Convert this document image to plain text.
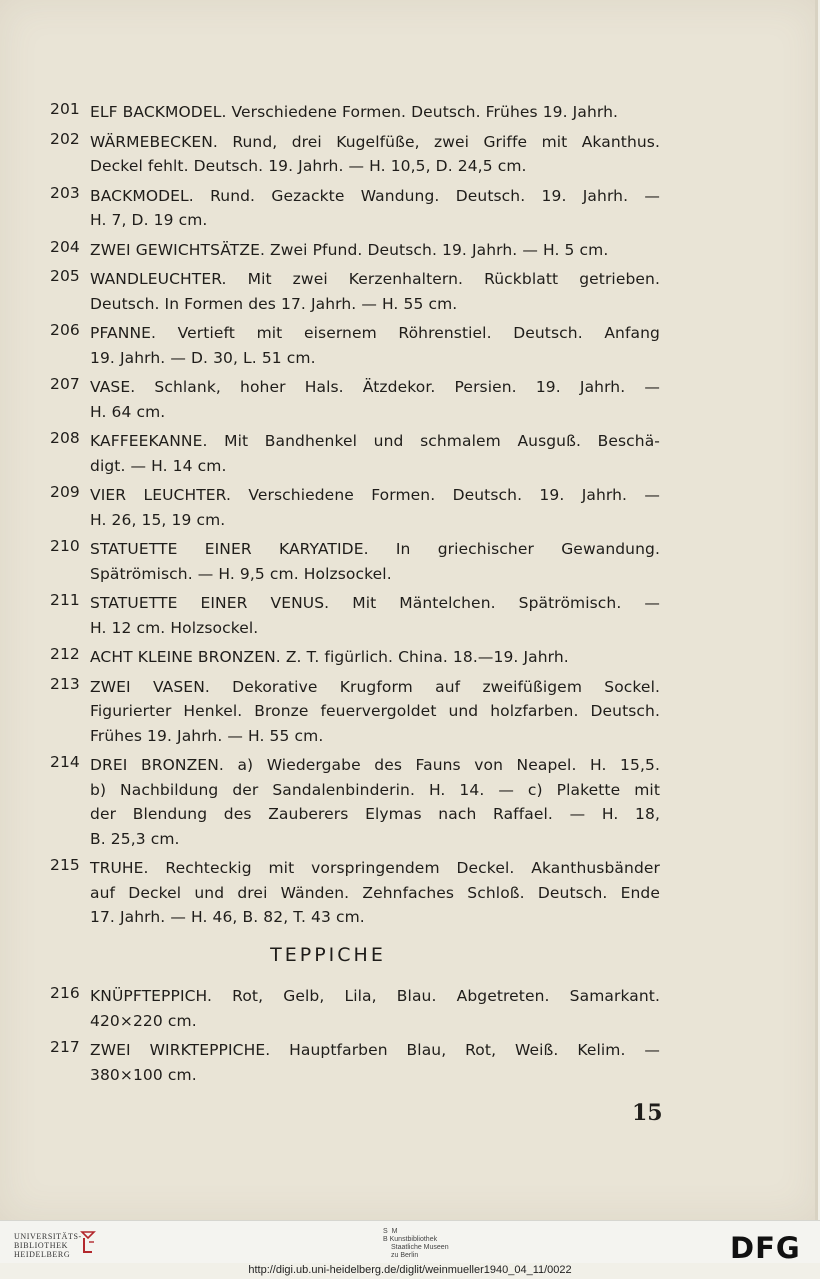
201 ELF BACKMODEL. Verschiedene Formen. Deutsch. Frühes 19. Jahrh.
202 WÄRMEBECKEN. Rund, drei Kugelfüße, zwei Griffe mit Akanthus.
Deckel fehlt. Deutsch. 19. Jahrh. — H. 10,5, D. 24,5 cm.
203 BACKMODEL. Rund. Gezackte Wandung. Deutsch. 19. Jahrh. —
H. 7, D. 19 cm.
204 ZWEI GEWICHTSÄTZE. Zwei Pfund. Deutsch. 19. Jahrh. — H. 5 cm.
205 WANDLEUCHTER. Mit zwei Kerzenhaltern. Rückblatt getrieben.
Deutsch. In Formen des 17. Jahrh. — H. 55 cm.
206 PFANNE. Vertieft mit eisernem Röhrenstiel. Deutsch. Anfang
19. Jahrh. — D. 30, L. 51 cm.
207 VASE. Schlank, hoher Hals. Ätzdekor. Persien. 19. Jahrh. —
H. 64 cm.
208 KAFFEEKANNE. Mit Bandhenkel und schmalem Ausguß. Beschä-
digt. — H. 14 cm.
209 VIER LEUCHTER. Verschiedene Formen. Deutsch. 19. Jahrh. —
H. 26, 15, 19 cm.
210 STATUETTE EINER KARYATIDE. In griechischer Gewandung.
Spätrömisch. — H. 9,5 cm. Holzsockel.
211 STATUETTE EINER VENUS. Mit Mäntelchen. Spätrömisch. —
H. 12 cm. Holzsockel.
212 ACHT KLEINE BRONZEN. Z. T. figürlich. China. 18.—19. Jahrh.
213 ZWEI VASEN. Dekorative Krugform auf zweifüßigem Sockel.
Figurierter Henkel. Bronze feuervergoldet und holzfarben. Deutsch.
Frühes 19. Jahrh. — H. 55 cm.
214 DREI BRONZEN. a) Wiedergabe des Fauns von Neapel. H. 15,5.
b) Nachbildung der Sandalenbinderin. H. 14. — c) Plakette mit
der Blendung des Zauberers Elymas nach Raffael. — H. 18,
B. 25,3 cm.
215 TRUHE. Rechteckig mit vorspringendem Deckel. Akanthusbänder
auf Deckel und drei Wänden. Zehnfaches Schloß. Deutsch. Ende
17. Jahrh. — H. 46, B. 82, T. 43 cm.
TEPPICHE
216 KNÜPFTEPPICH. Rot, Gelb, Lila, Blau. Abgetreten. Samarkant.
420×220 cm.
217 ZWEI WIRKTEPPICHE. Hauptfarben Blau, Rot, Weiß. Kelim. —
380×100 cm.
15
UNIVERSITÄTS-
BIBLIOTHEK
HEIDELBERG
S M
B Kunstbibliothek
Staatliche Museen
zu Berlin	DFG
http://digi.ub.uni-heidelberg.de/diglit/weinmueller1940_04_11/0022
